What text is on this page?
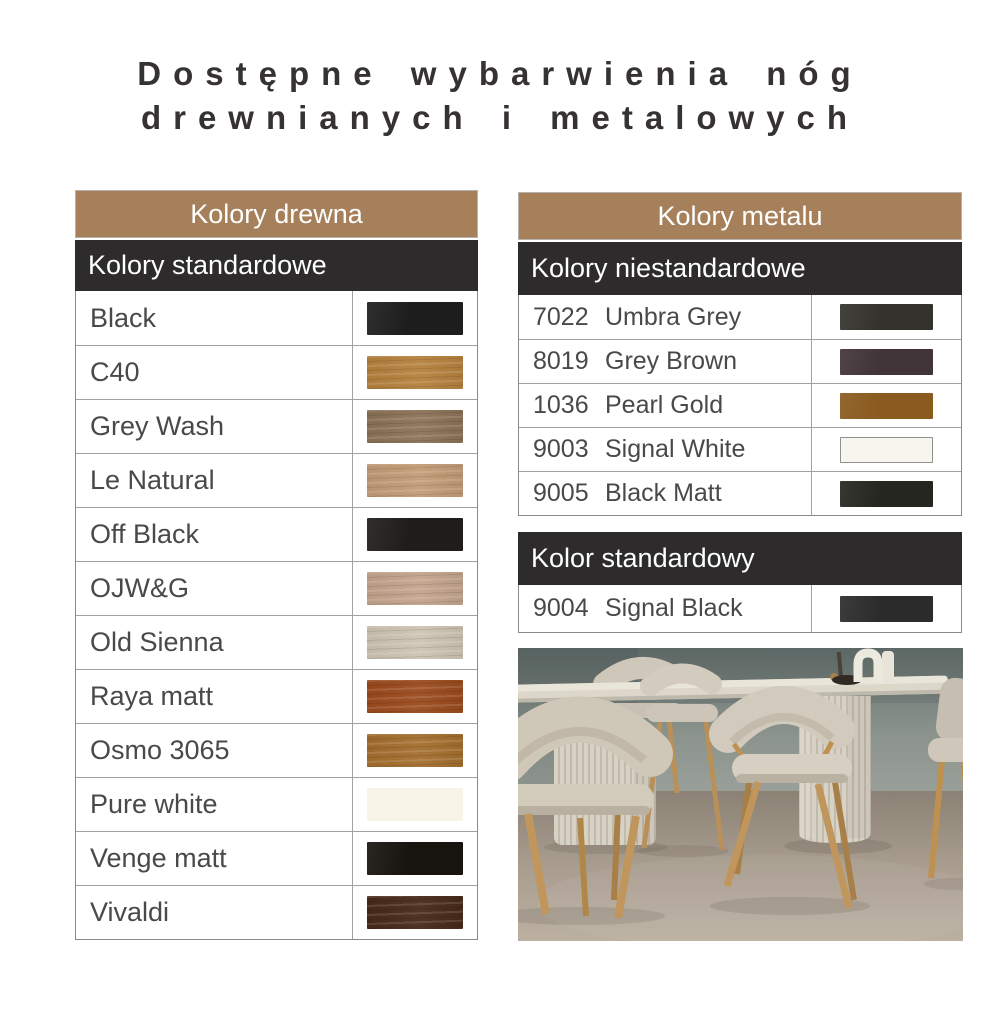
Dostępne wybarwienia nóg
drewnianych i metalowych
Kolory drewna
Kolory standardowe
Black
C40
Grey Wash
Le Natural
Off Black
OJW&G
Old Sienna
Raya matt
Osmo 3065
Pure white
Venge matt
Vivaldi
Kolory metalu
Kolory niestandardowe
7022 Umbra Grey
8019 Grey Brown
1036 Pearl Gold
9003 Signal White
9005 Black Matt
Kolor standardowy
9004 Signal Black
